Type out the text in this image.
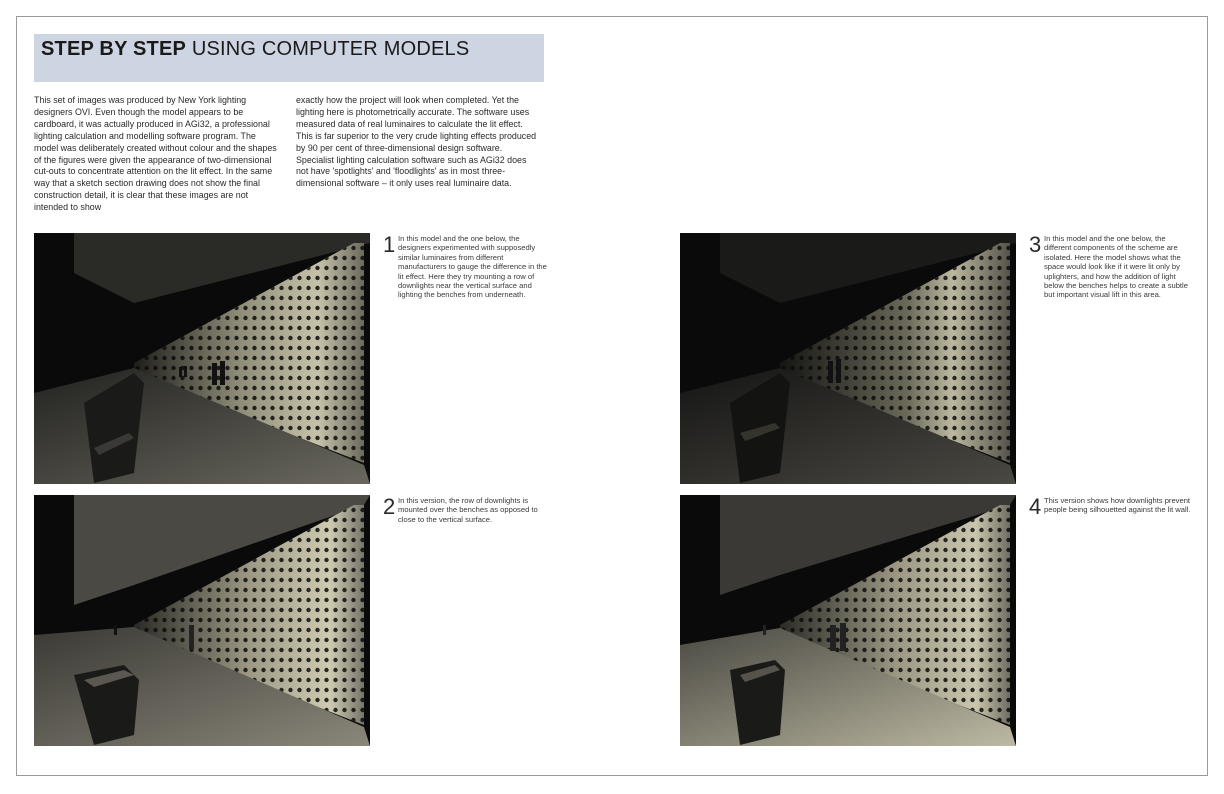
STEP BY STEP USING COMPUTER MODELS
This set of images was produced by New York lighting designers OVI. Even though the model appears to be cardboard, it was actually produced in AGi32, a professional lighting calculation and modelling software program. The model was deliberately created without colour and the shapes of the figures were given the appearance of two-dimensional cut-outs to concentrate attention on the lit effect. In the same way that a sketch section drawing does not show the final construction detail, it is clear that these images are not intended to show
exactly how the project will look when completed. Yet the lighting here is photometrically accurate. The software uses measured data of real luminaires to calculate the lit effect. This is far superior to the very crude lighting effects produced by 90 per cent of three-dimensional design software. Specialist lighting calculation software such as AGi32 does not have 'spotlights' and 'floodlights' as in most three-dimensional software – it only uses real luminaire data.
1 In this model and the one below, the designers experimented with supposedly similar luminaires from different manufacturers to gauge the difference in the lit effect. Here they try mounting a row of downlights near the vertical surface and lighting the benches from underneath.
2 In this version, the row of downlights is mounted over the benches as opposed to close to the vertical surface.
3 In this model and the one below, the different components of the scheme are isolated. Here the model shows what the space would look like if it were lit only by uplighters, and how the addition of light below the benches helps to create a subtle but important visual lift in this area.
4 This version shows how downlights prevent people being silhouetted against the lit wall.
